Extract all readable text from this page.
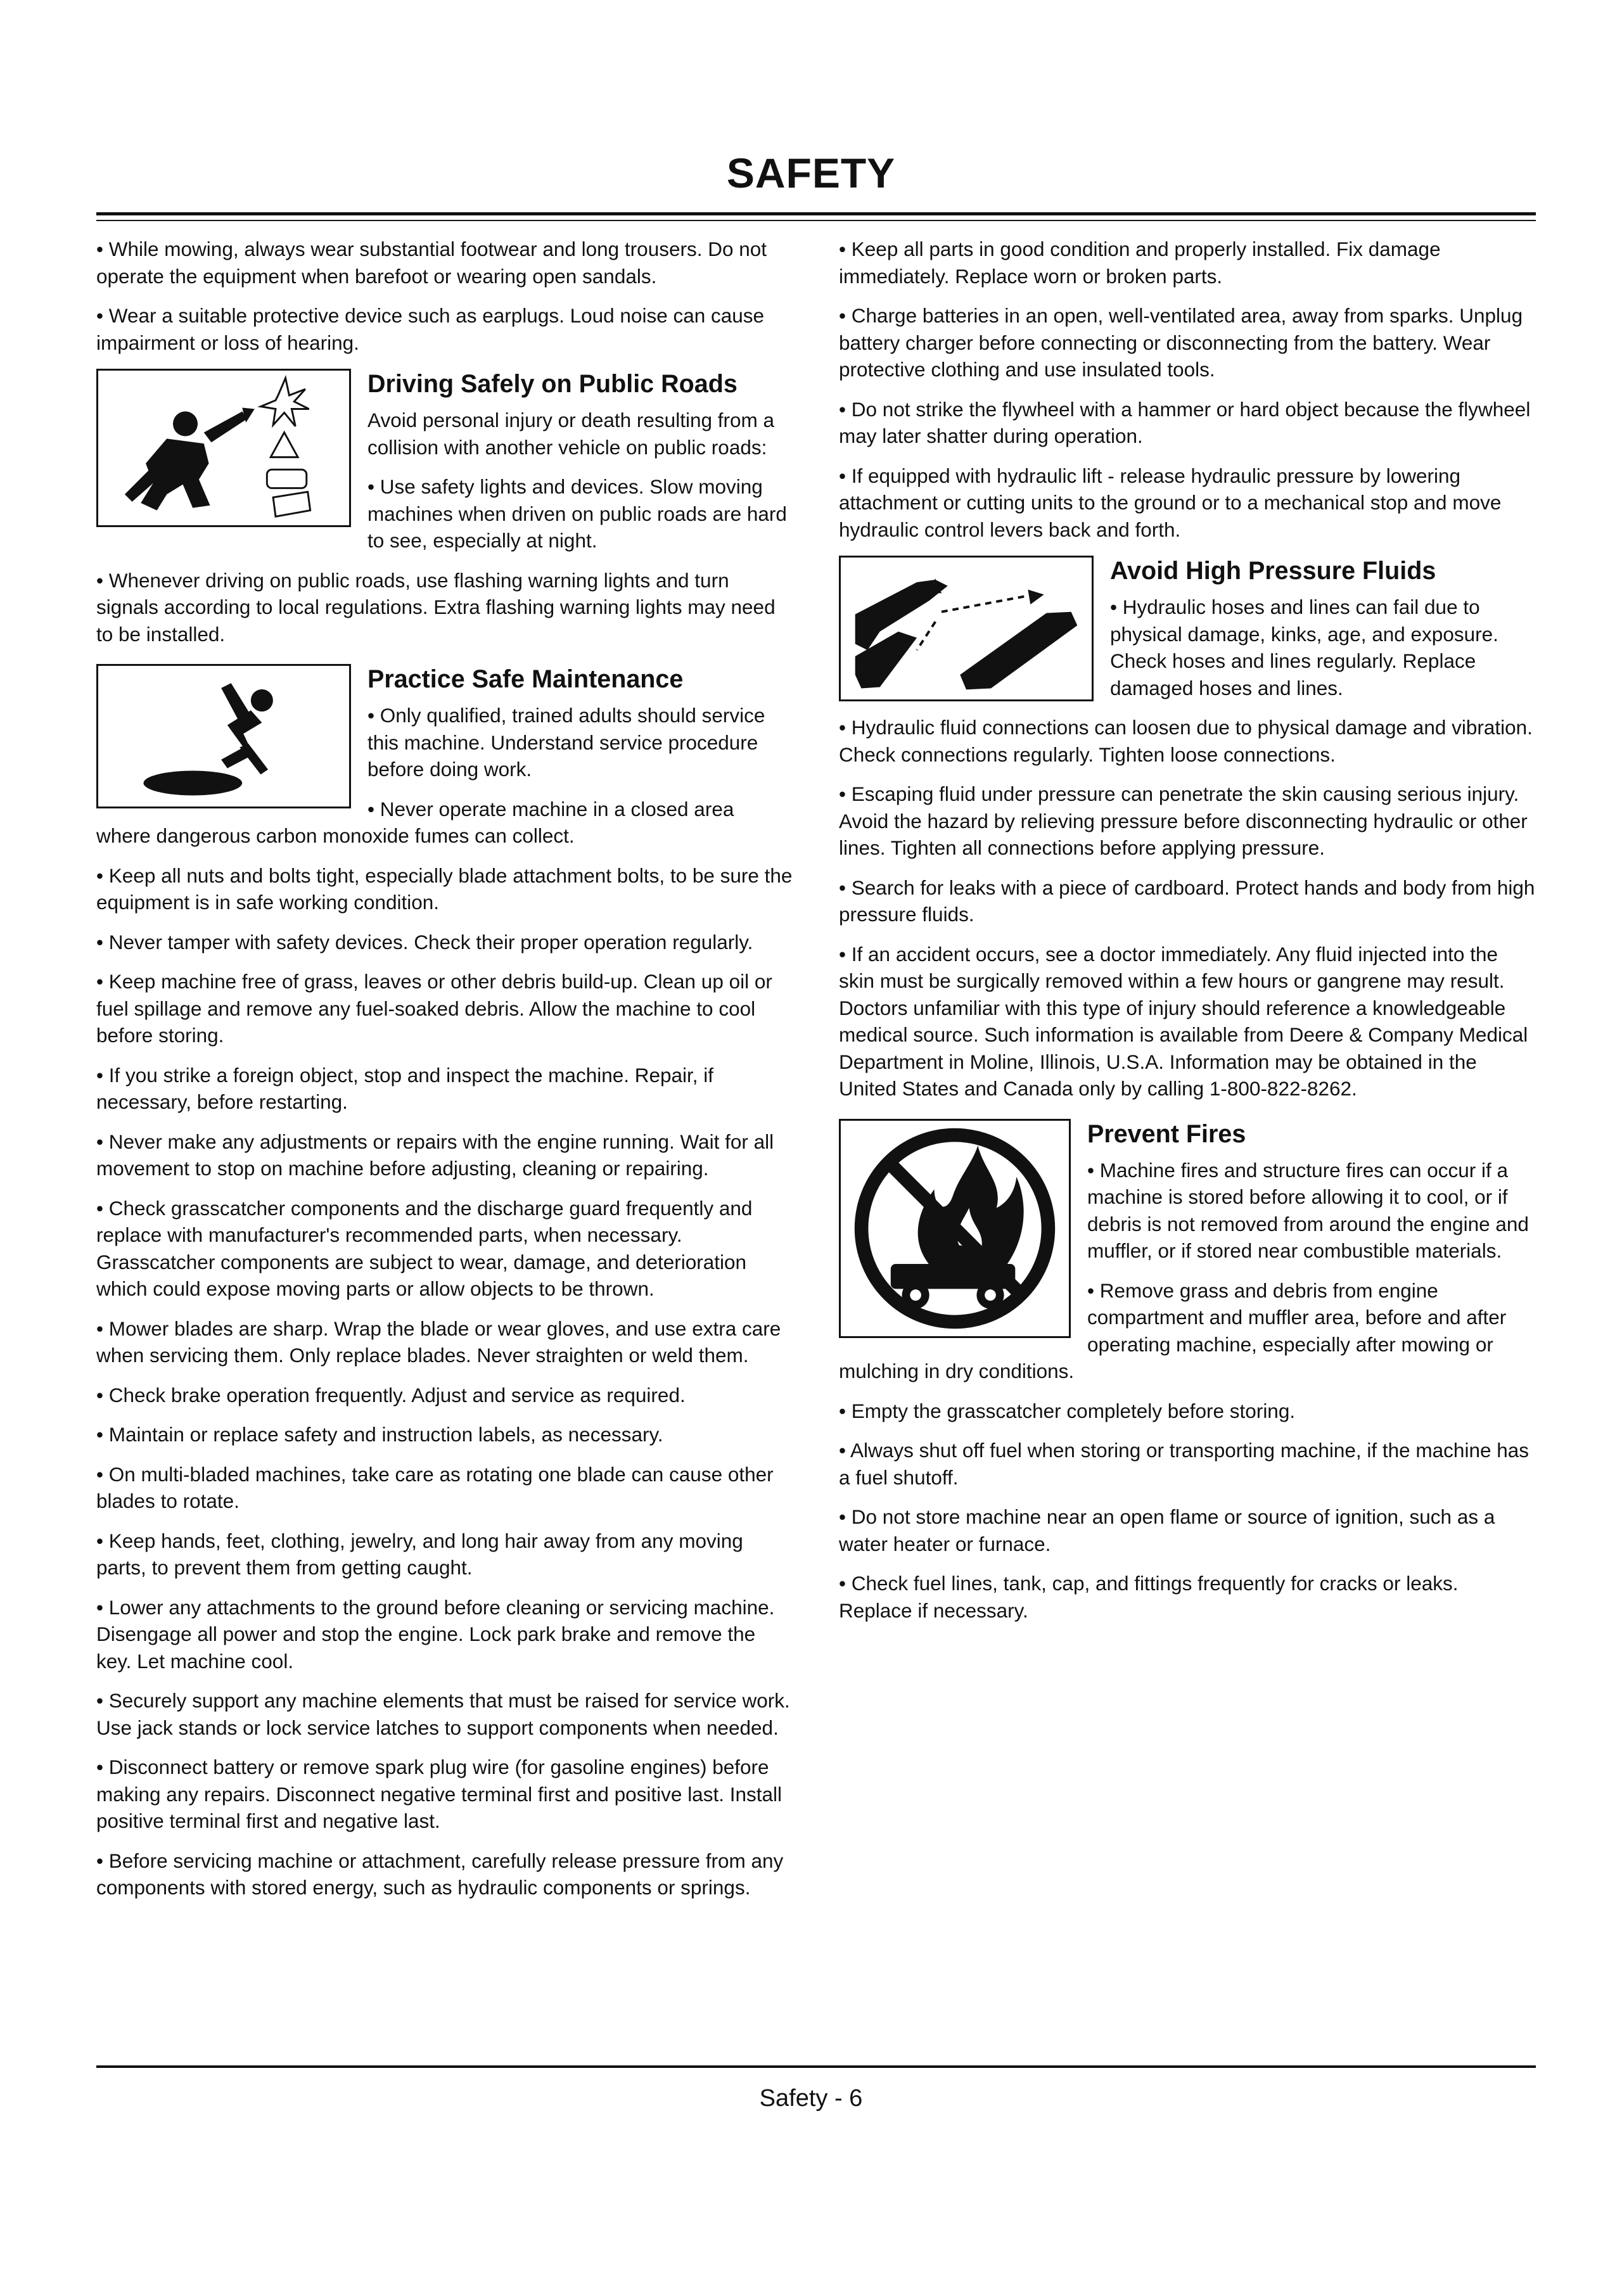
SAFETY

• While mowing, always wear substantial footwear and long trousers. Do not operate the equipment when barefoot or wearing open sandals.

• Wear a suitable protective device such as earplugs. Loud noise can cause impairment or loss of hearing.

Driving Safely on Public Roads

Avoid personal injury or death resulting from a collision with another vehicle on public roads:

• Use safety lights and devices. Slow moving machines when driven on public roads are hard to see, especially at night.

• Whenever driving on public roads, use flashing warning lights and turn signals according to local regulations. Extra flashing warning lights may need to be installed.

Practice Safe Maintenance

• Only qualified, trained adults should service this machine. Understand service procedure before doing work.

• Never operate machine in a closed area where dangerous carbon monoxide fumes can collect.

• Keep all nuts and bolts tight, especially blade attachment bolts, to be sure the equipment is in safe working condition.

• Never tamper with safety devices. Check their proper operation regularly.

• Keep machine free of grass, leaves or other debris build-up. Clean up oil or fuel spillage and remove any fuel-soaked debris. Allow the machine to cool before storing.

• If you strike a foreign object, stop and inspect the machine. Repair, if necessary, before restarting.

• Never make any adjustments or repairs with the engine running. Wait for all movement to stop on machine before adjusting, cleaning or repairing.

• Check grasscatcher components and the discharge guard frequently and replace with manufacturer's recommended parts, when necessary. Grasscatcher components are subject to wear, damage, and deterioration which could expose moving parts or allow objects to be thrown.

• Mower blades are sharp. Wrap the blade or wear gloves, and use extra care when servicing them. Only replace blades. Never straighten or weld them.

• Check brake operation frequently. Adjust and service as required.

• Maintain or replace safety and instruction labels, as necessary.

• On multi-bladed machines, take care as rotating one blade can cause other blades to rotate.

• Keep hands, feet, clothing, jewelry, and long hair away from any moving parts, to prevent them from getting caught.

• Lower any attachments to the ground before cleaning or servicing machine. Disengage all power and stop the engine. Lock park brake and remove the key. Let machine cool.

• Securely support any machine elements that must be raised for service work. Use jack stands or lock service latches to support components when needed.

• Disconnect battery or remove spark plug wire (for gasoline engines) before making any repairs. Disconnect negative terminal first and positive last. Install positive terminal first and negative last.

• Before servicing machine or attachment, carefully release pressure from any components with stored energy, such as hydraulic components or springs.

• Keep all parts in good condition and properly installed. Fix damage immediately. Replace worn or broken parts.

• Charge batteries in an open, well-ventilated area, away from sparks. Unplug battery charger before connecting or disconnecting from the battery. Wear protective clothing and use insulated tools.

• Do not strike the flywheel with a hammer or hard object because the flywheel may later shatter during operation.

• If equipped with hydraulic lift - release hydraulic pressure by lowering attachment or cutting units to the ground or to a mechanical stop and move hydraulic control levers back and forth.

Avoid High Pressure Fluids

• Hydraulic hoses and lines can fail due to physical damage, kinks, age, and exposure. Check hoses and lines regularly. Replace damaged hoses and lines.

• Hydraulic fluid connections can loosen due to physical damage and vibration. Check connections regularly. Tighten loose connections.

• Escaping fluid under pressure can penetrate the skin causing serious injury. Avoid the hazard by relieving pressure before disconnecting hydraulic or other lines. Tighten all connections before applying pressure.

• Search for leaks with a piece of cardboard. Protect hands and body from high pressure fluids.

• If an accident occurs, see a doctor immediately. Any fluid injected into the skin must be surgically removed within a few hours or gangrene may result. Doctors unfamiliar with this type of injury should reference a knowledgeable medical source. Such information is available from Deere & Company Medical Department in Moline, Illinois, U.S.A. Information may be obtained in the United States and Canada only by calling 1-800-822-8262.

Prevent Fires

• Machine fires and structure fires can occur if a machine is stored before allowing it to cool, or if debris is not removed from around the engine and muffler, or if stored near combustible materials.

• Remove grass and debris from engine compartment and muffler area, before and after operating machine, especially after mowing or mulching in dry conditions.

• Empty the grasscatcher completely before storing.

• Always shut off fuel when storing or transporting machine, if the machine has a fuel shutoff.

• Do not store machine near an open flame or source of ignition, such as a water heater or furnace.

• Check fuel lines, tank, cap, and fittings frequently for cracks or leaks. Replace if necessary.

Safety - 6
